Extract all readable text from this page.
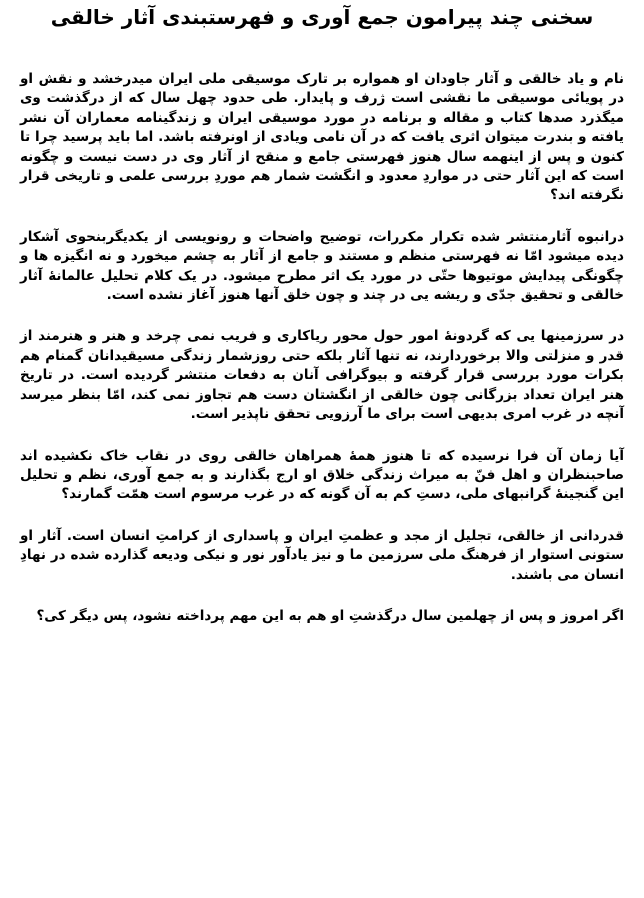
سخنی چند پیرامون جمع آوری و فهرستبندی آثار خالقی

نام و یاد خالقی و آثار جاودان او همواره بر تارک موسیقی ملی ایران میدرخشد و نقش او در پویائی موسیقی ما نقشی است ژرف و پایدار. طی حدود چهل سال که از درگذشت وی میگذرد صدها کتاب و مقاله و برنامه در مورد موسیقی ایران و زندگینامه معماران آن نشر یافته و بندرت میتوان اثری یافت که در آن نامی ویادی از اونرفته باشد. اما باید پرسید چرا تا کنون و پس از اینهمه سال هنوز فهرستی جامع و منقح از آثار وی در دست نیست و چگونه است که این آثار حتی در مواردِ معدود و انگشت شمار هم موردِ بررسی علمی و تاریخی قرار نگرفته اند؟

درانبوه آثارمنتشر شده تکرار مکررات، توضیح واضحات و رونویسی از یکدیگربنحوی آشکار دیده میشود امّا نه فهرستی منظم و مستند و جامع از آثار به چشم میخورد و نه انگیزه ها و چگونگی پیدایش موتیوها حتّی در مورد یک اثر مطرح میشود. در یک کلام تحلیل عالمانهٔ آثار خالقی و تحقیق جدّی و ریشه یی در چند و چون خلق آنها هنوز آغاز نشده است.

در سرزمینها یی که گردونهٔ امور حول محور ریاکاری و فریب نمی چرخد و هنر و هنرمند از قدر و منزلتی والا برخوردارند، نه تنها آثار بلکه حتی روزشمار زندگی مسیقیدانان گمنام هم بکرات مورد بررسی قرار گرفته و بیوگرافی آنان به دفعات منتشر گردیده است. در تاریخ هنر ایران تعداد بزرگانی چون خالقی از انگشتان دست هم تجاوز نمی کند، امّا بنظر میرسد آنچه در غرب امری بدیهی است برای ما آرزویی تحقق ناپذیر است.

آیا زمان آن فرا نرسیده که تا هنوز همهٔ همراهان خالقی روی در نقاب خاک نکشیده اند صاحبنظران و اهل فنّ به میراث زندگی خلاق او ارج بگذارند و به جمع آوری، نظم و تحلیل این گنجینهٔ گرانبهای ملی، دستِ کم به آن گونه که در غرب مرسوم است همّت گمارند؟

قدردانی از خالقی، تجلیل از مجد و عظمتِ ایران و پاسداری از کرامتِ انسان است. آثار او ستونی استوار از فرهنگ ملی سرزمین ما و نیز یادآور نور و نیکی ودیعه گذارده شده در نهادِ انسان می باشند.

اگر امروز و پس از چهلمین سال درگذشتِ او هم به این مهم پرداخته نشود، پس دیگر کی؟
